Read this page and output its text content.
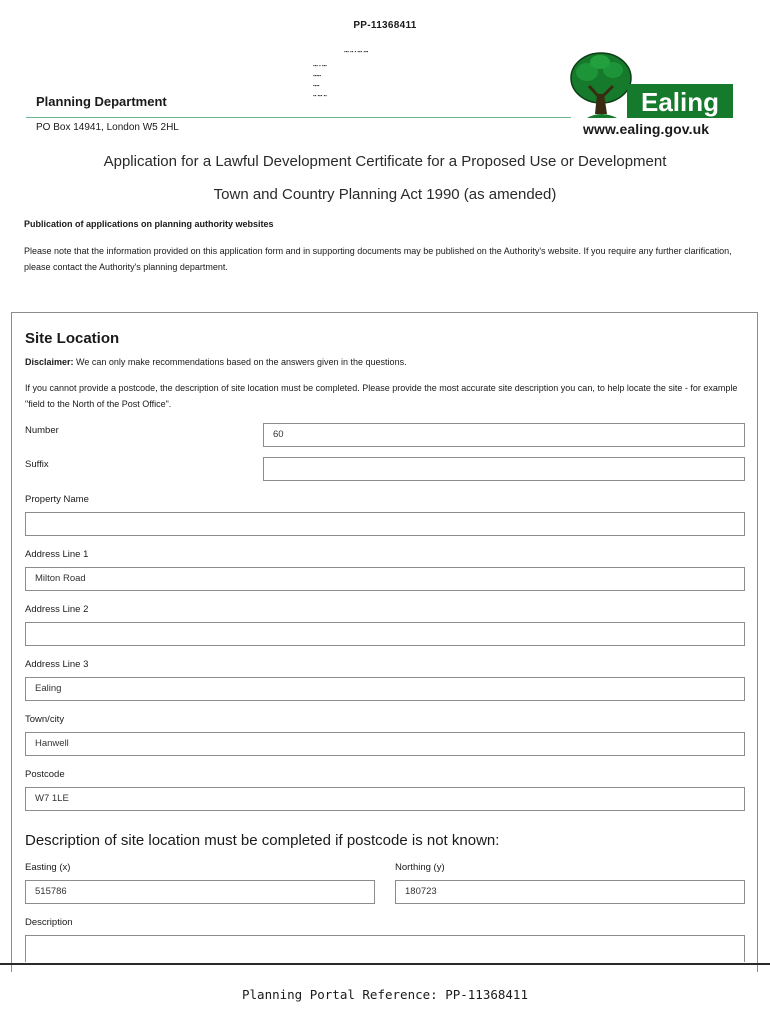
PP-11368411
▪▪▪ ▪▪ ▪ ▪▪▪ ▪▪▪
▪▪▪ ▪ ▪▪▪
▪▪▪▪▪
▪▪▪▪
▪▪ ▪▪▪ ▪▪
Planning Department
PO Box 14941, London W5 2HL
Ealing
www.ealing.gov.uk
Application for a Lawful Development Certificate for a Proposed Use or Development
Town and Country Planning Act 1990 (as amended)
Publication of applications on planning authority websites
Please note that the information provided on this application form and in supporting documents may be published on the Authority's website. If you require any further clarification, please contact the Authority's planning department.
Site Location
Disclaimer: We can only make recommendations based on the answers given in the questions.
If you cannot provide a postcode, the description of site location must be completed. Please provide the most accurate site description you can, to help locate the site - for example "field to the North of the Post Office".
Number	60
Suffix
Property Name
Address Line 1
Milton Road
Address Line 2
Address Line 3
Ealing
Town/city
Hanwell
Postcode
W7 1LE
Description of site location must be completed if postcode is not known:
Easting (x)
515786
Northing (y)
180723
Description
Planning Portal Reference: PP-11368411
